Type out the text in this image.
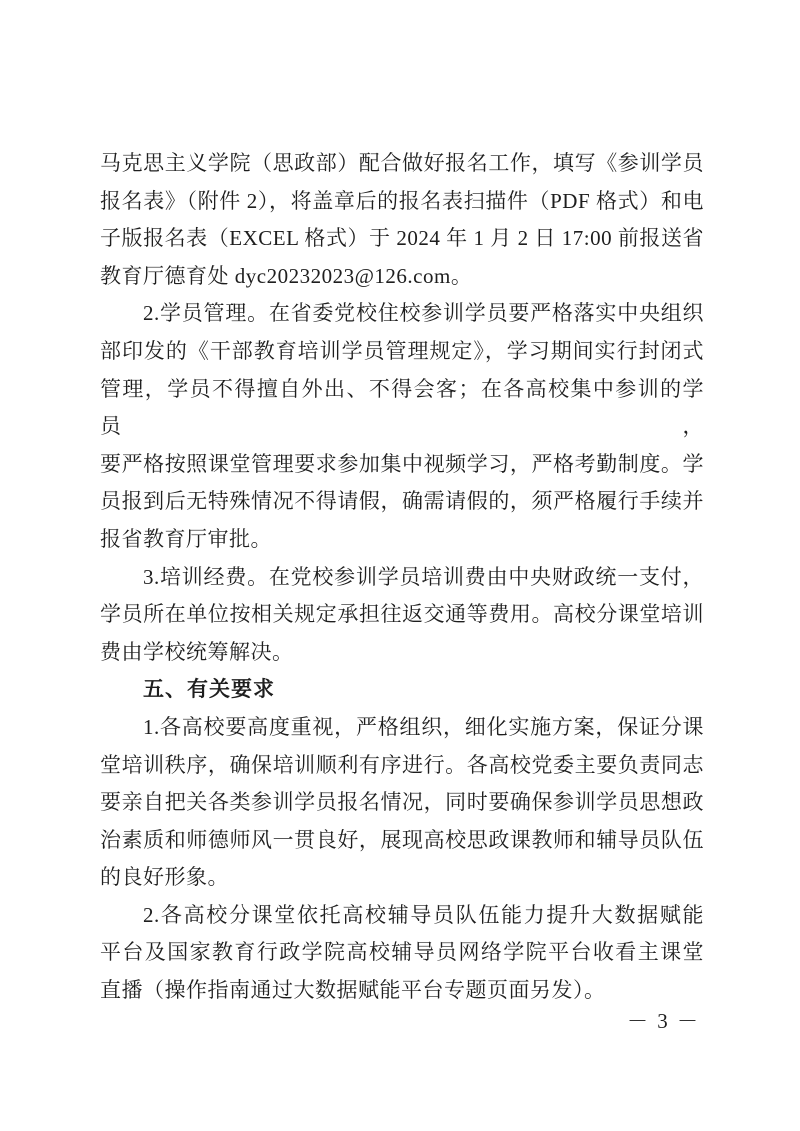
马克思主义学院（思政部）配合做好报名工作，填写《参训学员
报名表》（附件 2），将盖章后的报名表扫描件（PDF 格式）和电
子版报名表（EXCEL 格式）于 2024 年 1 月 2 日 17:00 前报送省
教育厅德育处 dyc20232023@126.com。
2.学员管理。在省委党校住校参训学员要严格落实中央组织
部印发的《干部教育培训学员管理规定》，学习期间实行封闭式
管理，学员不得擅自外出、不得会客；在各高校集中参训的学员，
要严格按照课堂管理要求参加集中视频学习，严格考勤制度。学
员报到后无特殊情况不得请假，确需请假的，须严格履行手续并
报省教育厅审批。
3.培训经费。在党校参训学员培训费由中央财政统一支付，
学员所在单位按相关规定承担往返交通等费用。高校分课堂培训
费由学校统筹解决。
五、有关要求
1.各高校要高度重视，严格组织，细化实施方案，保证分课
堂培训秩序，确保培训顺利有序进行。各高校党委主要负责同志
要亲自把关各类参训学员报名情况，同时要确保参训学员思想政
治素质和师德师风一贯良好，展现高校思政课教师和辅导员队伍
的良好形象。
2.各高校分课堂依托高校辅导员队伍能力提升大数据赋能
平台及国家教育行政学院高校辅导员网络学院平台收看主课堂
直播（操作指南通过大数据赋能平台专题页面另发）。
－ 3 －
